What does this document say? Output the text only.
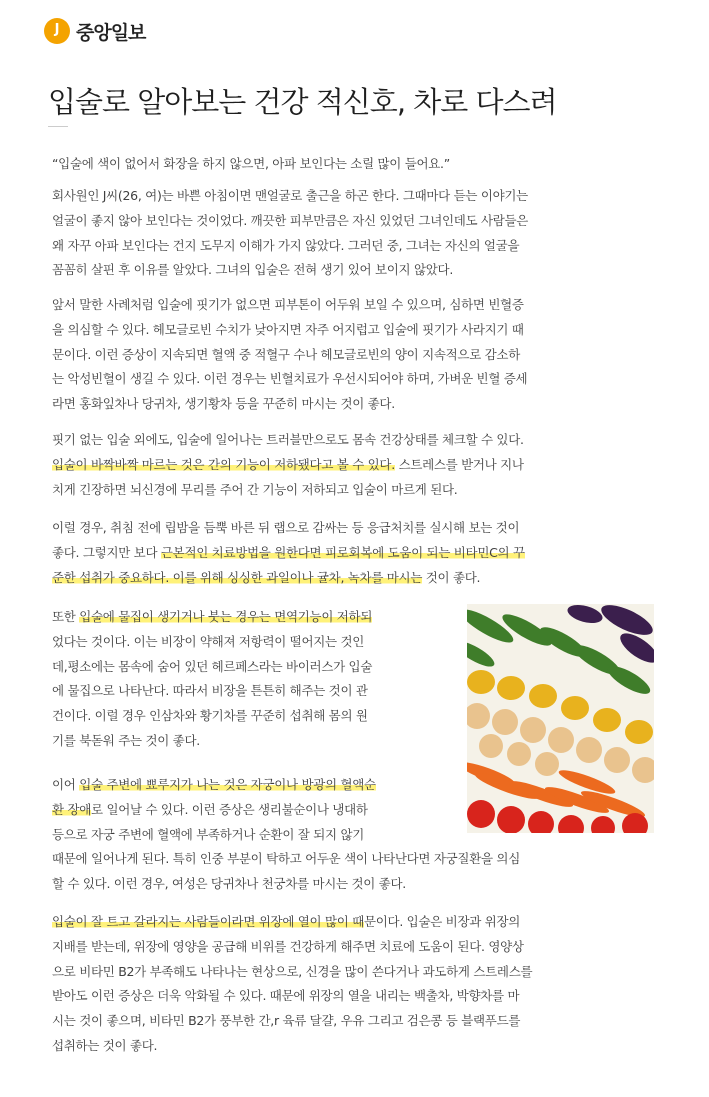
J 중앙일보
입술로 알아보는 건강 적신호, 차로 다스려

“입술에 색이 없어서 화장을 하지 않으면, 아파 보인다는 소릴 많이 들어요.”

회사원인 J씨(26, 여)는 바쁜 아침이면 맨얼굴로 출근을 하곤 한다. 그때마다 듣는 이야기는
얼굴이 좋지 않아 보인다는 것이었다. 깨끗한 피부만큼은 자신 있었던 그녀인데도 사람들은
왜 자꾸 아파 보인다는 건지 도무지 이해가 가지 않았다. 그러던 중, 그녀는 자신의 얼굴을
꼼꼼히 살핀 후 이유를 알았다. 그녀의 입술은 전혀 생기 있어 보이지 않았다.

앞서 말한 사례처럼 입술에 핏기가 없으면 피부톤이 어두워 보일 수 있으며, 심하면 빈혈증
을 의심할 수 있다. 헤모글로빈 수치가 낮아지면 자주 어지럽고 입술에 핏기가 사라지기 때
문이다. 이런 증상이 지속되면 혈액 중 적혈구 수나 헤모글로빈의 양이 지속적으로 감소하
는 악성빈혈이 생길 수 있다. 이런 경우는 빈혈치료가 우선시되어야 하며, 가벼운 빈혈 증세
라면 홍화잎차나 당귀차, 생기황차 등을 꾸준히 마시는 것이 좋다.

핏기 없는 입술 외에도, 입술에 일어나는 트러블만으로도 몸속 건강상태를 체크할 수 있다.
입술이 바짝바짝 마르는 것은 간의 기능이 저하됐다고 볼 수 있다. 스트레스를 받거나 지나
치게 긴장하면 뇌신경에 무리를 주어 간 기능이 저하되고 입술이 마르게 된다.

이럴 경우, 취침 전에 립밤을 듬뿍 바른 뒤 랩으로 감싸는 등 응급처치를 실시해 보는 것이
좋다. 그렇지만 보다 근본적인 치료방법을 원한다면 피로회복에 도움이 되는 비타민C의 꾸
준한 섭취가 중요하다. 이를 위해 싱싱한 과일이나 귤차, 녹차를 마시는 것이 좋다.

또한 입술에 물집이 생기거나 붓는 경우는 면역기능이 저하되
었다는 것이다. 이는 비장이 약해져 저항력이 떨어지는 것인
데,평소에는 몸속에 숨어 있던 헤르페스라는 바이러스가 입술
에 물집으로 나타난다. 따라서 비장을 튼튼히 해주는 것이 관
건이다. 이럴 경우 인삼차와 황기차를 꾸준히 섭취해 몸의 원
기를 북돋워 주는 것이 좋다.

이어 입술 주변에 뾰루지가 나는 것은 자궁이나 방광의 혈액순
환 장애로 일어날 수 있다. 이런 증상은 생리불순이나 냉대하
등으로 자궁 주변에 혈액에 부족하거나 순환이 잘 되지 않기
때문에 일어나게 된다. 특히 인중 부분이 탁하고 어두운 색이 나타난다면 자궁질환을 의심
할 수 있다. 이런 경우, 여성은 당귀차나 천궁차를 마시는 것이 좋다.

입술이 잘 트고 갈라지는 사람들이라면 위장에 열이 많이 때문이다. 입술은 비장과 위장의
지배를 받는데, 위장에 영양을 공급해 비위를 건강하게 해주면 치료에 도움이 된다. 영양상
으로 비타민 B2가 부족해도 나타나는 현상으로, 신경을 많이 쓴다거나 과도하게 스트레스를
받아도 이런 증상은 더욱 악화될 수 있다. 때문에 위장의 열을 내리는 백출차, 박향차를 마
시는 것이 좋으며, 비타민 B2가 풍부한 간,r 육류 달걀, 우유 그리고 검은콩 등 블랙푸드를
섭취하는 것이 좋다.
